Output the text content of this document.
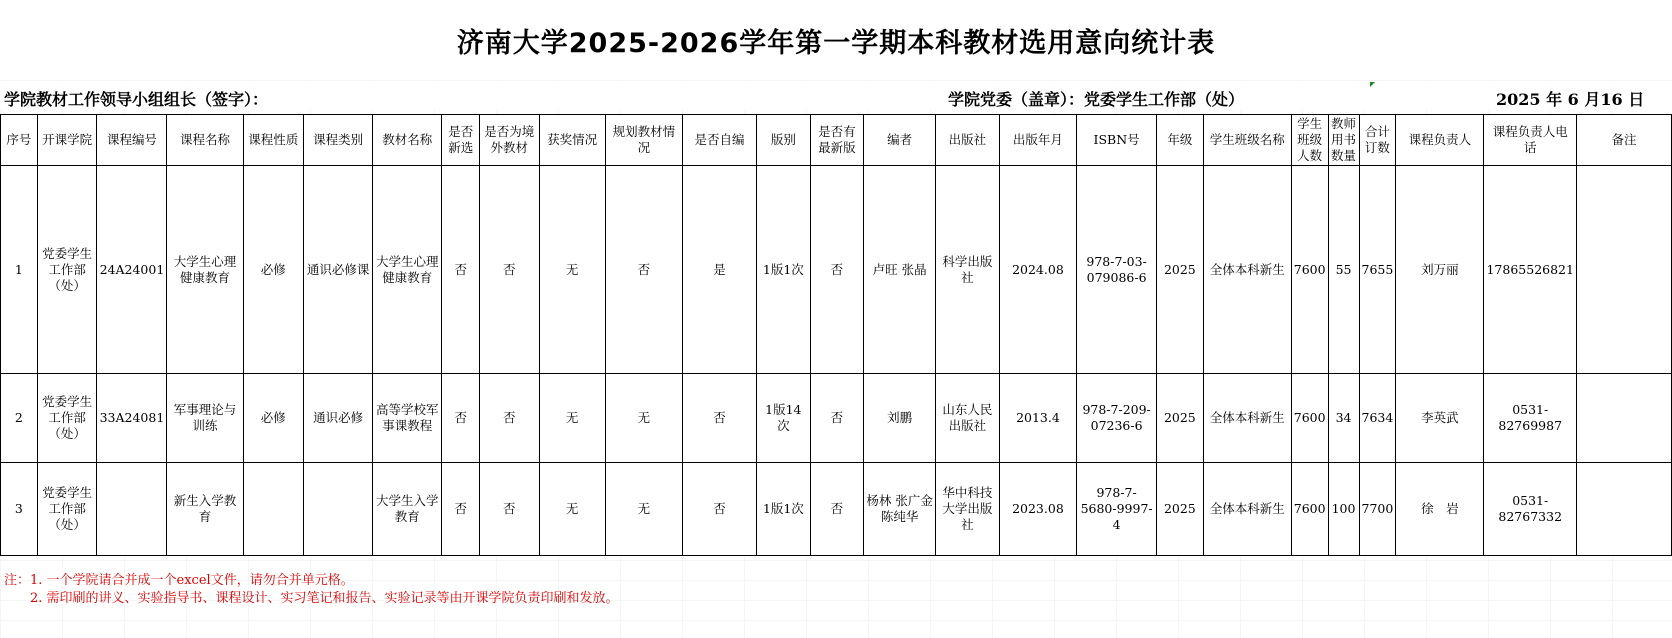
济南大学2025-2026学年第一学期本科教材选用意向统计表
学院教材工作领导小组组长（签字）：	学院党委（盖章）：党委学生工作部（处）	2025 年 6 月16 日
序号	开课学院	课程编号	课程名称	课程性质	课程类别	教材名称	是否新选	是否为境外教材	获奖情况	规划教材情况	是否自编	版别	是否有最新版	编者	出版社	出版年月	ISBN号	年级	学生班级名称	学生班级人数	教师用书数量	合计订数	课程负责人	课程负责人电话	备注
1	党委学生工作部（处）	24A24001	大学生心理健康教育	必修	通识必修课	大学生心理健康教育	否	否	无	否	是	1版1次	否	卢旺 张晶	科学出版社	2024.08	978-7-03-079086-6	2025	全体本科新生	7600	55	7655	刘万丽	17865526821	
2	党委学生工作部（处）	33A24081	军事理论与训练	必修	通识必修	高等学校军事课教程	否	否	无	无	否	1版14次	否	刘鹏	山东人民出版社	2013.4	978-7-209-07236-6	2025	全体本科新生	7600	34	7634	李英武	0531-82769987	
3	党委学生工作部（处）		新生入学教育			大学生入学教育	否	否	无	无	否	1版1次	否	杨林 张广金 陈纯华	华中科技大学出版社	2023.08	978-7-5680-9997-4	2025	全体本科新生	7600	100	7700	徐　岩	0531-82767332	
注：1. 一个学院请合并成一个excel文件，请勿合并单元格。
2. 需印刷的讲义、实验指导书、课程设计、实习笔记和报告、实验记录等由开课学院负责印刷和发放。
